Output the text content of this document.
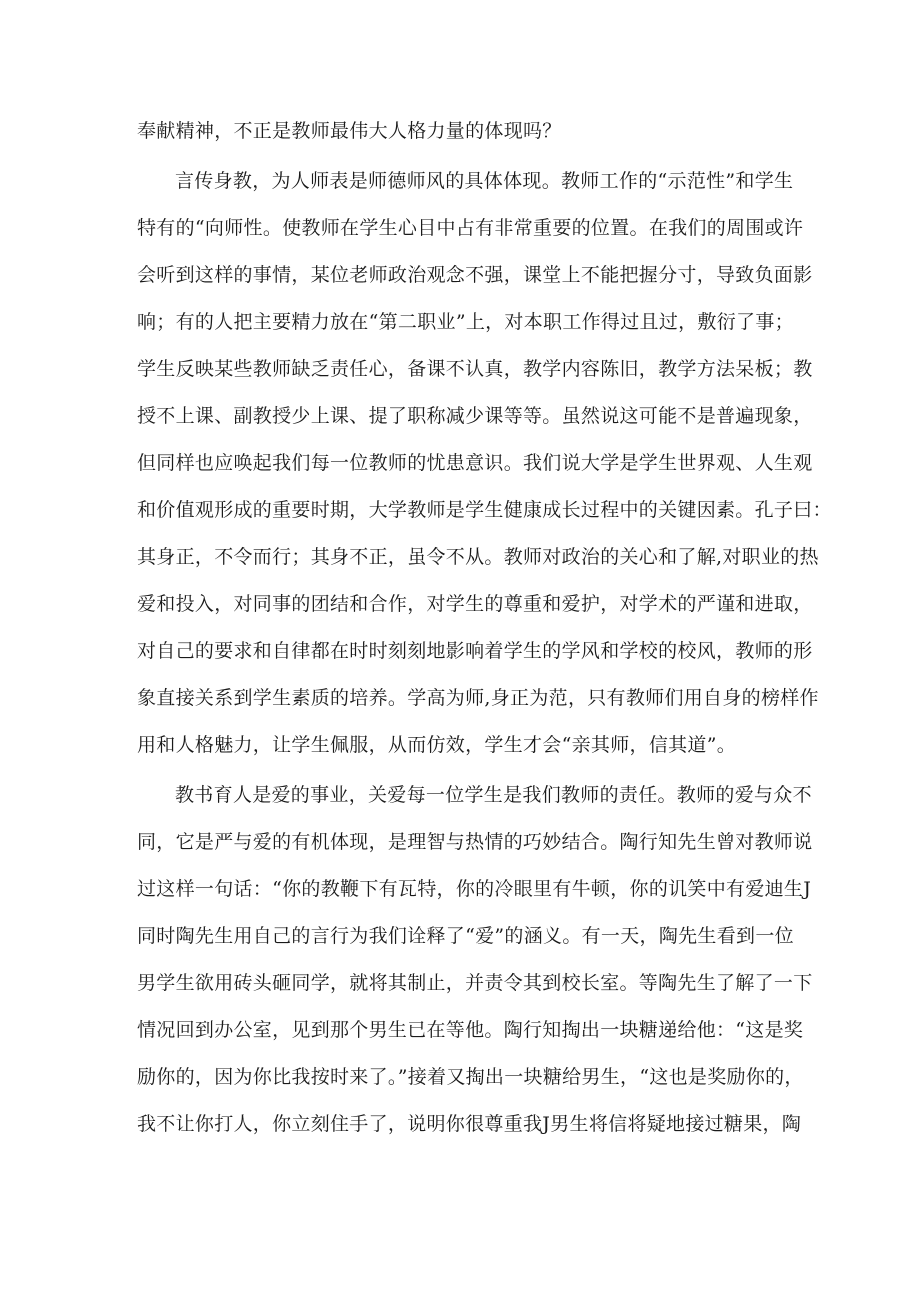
奉献精神，不正是教师最伟大人格力量的体现吗？
言传身教，为人师表是师德师风的具体体现。教师工作的“示范性”和学生
特有的“向师性。使教师在学生心目中占有非常重要的位置。在我们的周围或许
会听到这样的事情，某位老师政治观念不强，课堂上不能把握分寸，导致负面影
响；有的人把主要精力放在“第二职业”上，对本职工作得过且过，敷衍了事；
学生反映某些教师缺乏责任心，备课不认真，教学内容陈旧，教学方法呆板；教
授不上课、副教授少上课、提了职称减少课等等。虽然说这可能不是普遍现象，
但同样也应唤起我们每一位教师的忧患意识。我们说大学是学生世界观、人生观
和价值观形成的重要时期，大学教师是学生健康成长过程中的关键因素。孔子曰：
其身正，不令而行；其身不正，虽令不从。教师对政治的关心和了解,对职业的热
爱和投入，对同事的团结和合作，对学生的尊重和爱护，对学术的严谨和进取，
对自己的要求和自律都在时时刻刻地影响着学生的学风和学校的校风，教师的形
象直接关系到学生素质的培养。学高为师,身正为范，只有教师们用自身的榜样作
用和人格魅力，让学生佩服，从而仿效，学生才会“亲其师，信其道”。
教书育人是爱的事业，关爱每一位学生是我们教师的责任。教师的爱与众不
同，它是严与爱的有机体现，是理智与热情的巧妙结合。陶行知先生曾对教师说
过这样一句话：“你的教鞭下有瓦特，你的冷眼里有牛顿，你的讥笑中有爱迪生J
同时陶先生用自己的言行为我们诠释了“爱”的涵义。有一天，陶先生看到一位
男学生欲用砖头砸同学，就将其制止，并责令其到校长室。等陶先生了解了一下
情况回到办公室，见到那个男生已在等他。陶行知掏出一块糖递给他：“这是奖
励你的，因为你比我按时来了。”接着又掏出一块糖给男生，“这也是奖励你的，
我不让你打人，你立刻住手了，说明你很尊重我J男生将信将疑地接过糖果，陶
